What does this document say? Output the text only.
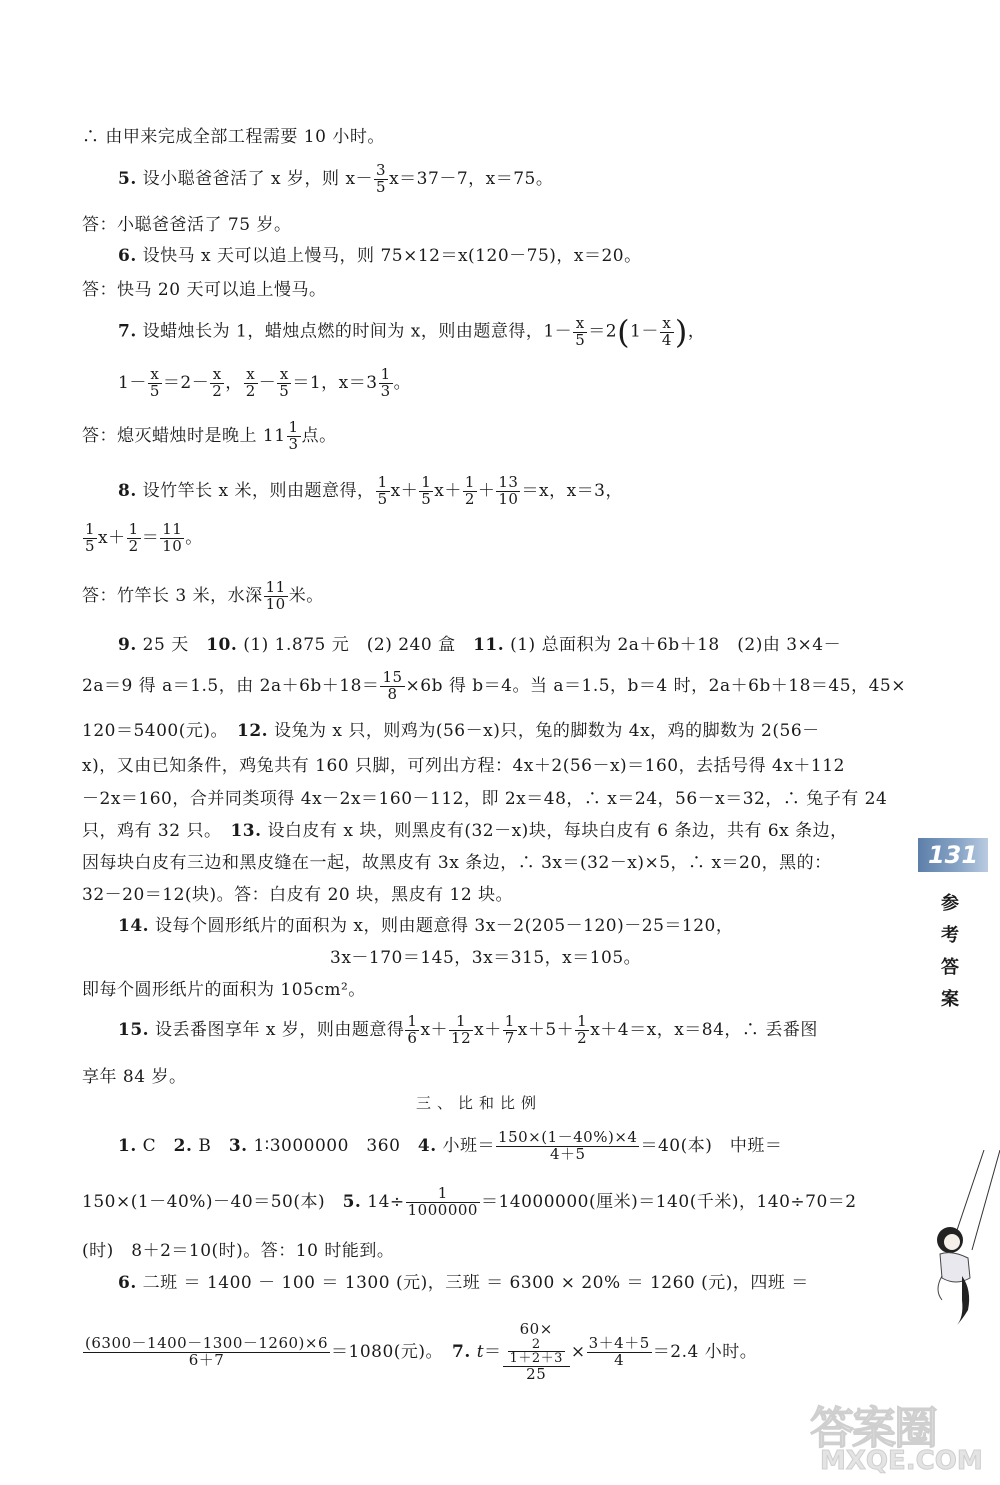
∴ 由甲来完成全部工程需要 10 小时。
5. 设小聪爸爸活了 x 岁，则 $x- \frac{3}{5} x=37-7$，x＝75。
答：小聪爸爸活了 75 岁。
6. 设快马 x 天可以追上慢马，则 75×12＝x(120－75)，x＝20。
答：快马 20 天可以追上慢马。
7. 设蜡烛长为 1，蜡烛点燃的时间为 x，则由题意得，$1- \frac{x}{5} =2(1- \frac{x}{4}$ )，
$1- \frac{x}{5} =2- \frac{x}{2}$ ， $\frac{x}{2} - \frac{x}{5} =1$，$x=3 \frac{1}{3}$ 。
答：熄灭蜡烛时是晚上 $11 \frac{1}{3}$ 点。
8. 设竹竿长 x 米，则由题意得， $\frac{1}{5} x+ \frac{1}{5} x+ \frac{1}{2} + \frac{13}{10} =x$，x＝3，
$\frac{1}{5} x+ \frac{1}{2} = \frac{11}{10}$ 。
答：竹竿长 3 米，水深 $\frac{11}{10}$ 米。
9. 25 天　 10. (1) 1.875 元　(2) 240 盒　 11. (1) 总面积为 2a＋6b＋18　(2)由 3×4－
2a＝9 得 a＝1.5，由 $2a+6b+18= \frac{15}{8} \times 6b$ 得 b＝4。当 a＝1.5，b＝4 时，2a＋6b＋18＝45，45×
120＝5400(元)。　 12. 设兔为 x 只，则鸡为(56－x)只，兔的脚数为 4x，鸡的脚数为 2(56－
x)，又由已知条件，鸡兔共有 160 只脚，可列出方程：4x＋2(56－x)＝160，去括号得 4x＋112
－2x＝160，合并同类项得 4x－2x＝160－112，即 2x＝48，∴ x＝24，56－x＝32，∴ 兔子有 24
只，鸡有 32 只。　 13. 设白皮有 x 块，则黑皮有(32－x)块，每块白皮有 6 条边，共有 6x 条边，
因每块白皮有三边和黑皮缝在一起，故黑皮有 3x 条边，∴ 3x＝(32－x)×5，∴ x＝20，黑的：
32－20＝12(块)。答：白皮有 20 块，黑皮有 12 块。
14. 设每个圆形纸片的面积为 x，则由题意得 3x－2(205－120)－25＝120，
3x－170＝145，3x＝315，x＝105。
即每个圆形纸片的面积为 105cm²。
15. 设丢番图享年 x 岁，则由题意得 $\frac{1}{6} x+ \frac{1}{12} x+ \frac{1}{7} x+5+ \frac{1}{2} x+4=x$，x＝84，∴ 丢番图
享年 84 岁。
三、比和比例
1. C　 2. B　 3. 1∶3000000　360　 4. 小班＝ $\frac{150\times(1-40\%)\times 4}{4+5} =40$(本)　中班＝
150×(1－40%)－40＝50(本)　 5. $14\div \frac{1}{1000000} =14000000$(厘米)＝140(千米)，140÷70＝2
(时)　8＋2＝10(时)。答：10 时能到。
6. 二班 ＝ 1400 － 100 ＝ 1300 (元)，三班 ＝ 6300 × 20% ＝ 1260 (元)，四班 ＝
$\frac{(6300-1400-1300-1260)\times 6}{6+7} =1080$(元)。　 7. t＝ 60×
2
1＋2＋3
$25 \times \frac{3+4+5}{4} =2.4$ 小时。
131
参
考
答
案
答案圈
MXQE.COM
